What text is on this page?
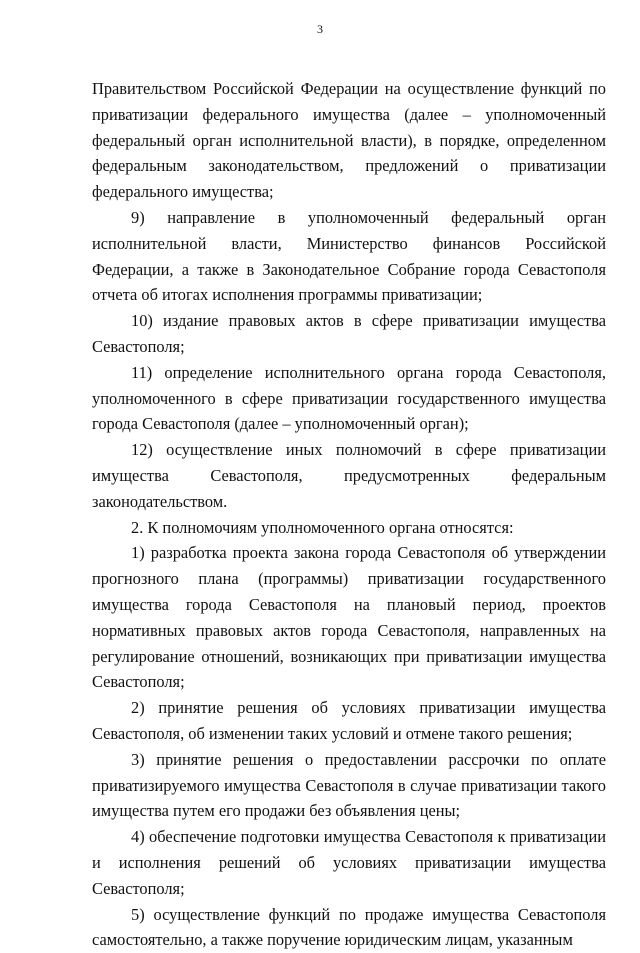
3

Правительством Российской Федерации на осуществление функций по приватизации федерального имущества (далее – уполномоченный федеральный орган исполнительной власти), в порядке, определенном федеральным законодательством, предложений о приватизации федерального имущества;

9) направление в уполномоченный федеральный орган исполнительной власти, Министерство финансов Российской Федерации, а также в Законодательное Собрание города Севастополя отчета об итогах исполнения программы приватизации;

10) издание правовых актов в сфере приватизации имущества Севастополя;

11) определение исполнительного органа города Севастополя, уполномоченного в сфере приватизации государственного имущества города Севастополя (далее – уполномоченный орган);

12) осуществление иных полномочий в сфере приватизации имущества Севастополя, предусмотренных федеральным законодательством.

2. К полномочиям уполномоченного органа относятся:

1) разработка проекта закона города Севастополя об утверждении прогнозного плана (программы) приватизации государственного имущества города Севастополя на плановый период, проектов нормативных правовых актов города Севастополя, направленных на регулирование отношений, возникающих при приватизации имущества Севастополя;

2) принятие решения об условиях приватизации имущества Севастополя, об изменении таких условий и отмене такого решения;

3) принятие решения о предоставлении рассрочки по оплате приватизируемого имущества Севастополя в случае приватизации такого имущества путем его продажи без объявления цены;

4) обеспечение подготовки имущества Севастополя к приватизации и исполнения решений об условиях приватизации имущества Севастополя;

5) осуществление функций по продаже имущества Севастополя самостоятельно, а также поручение юридическим лицам, указанным
